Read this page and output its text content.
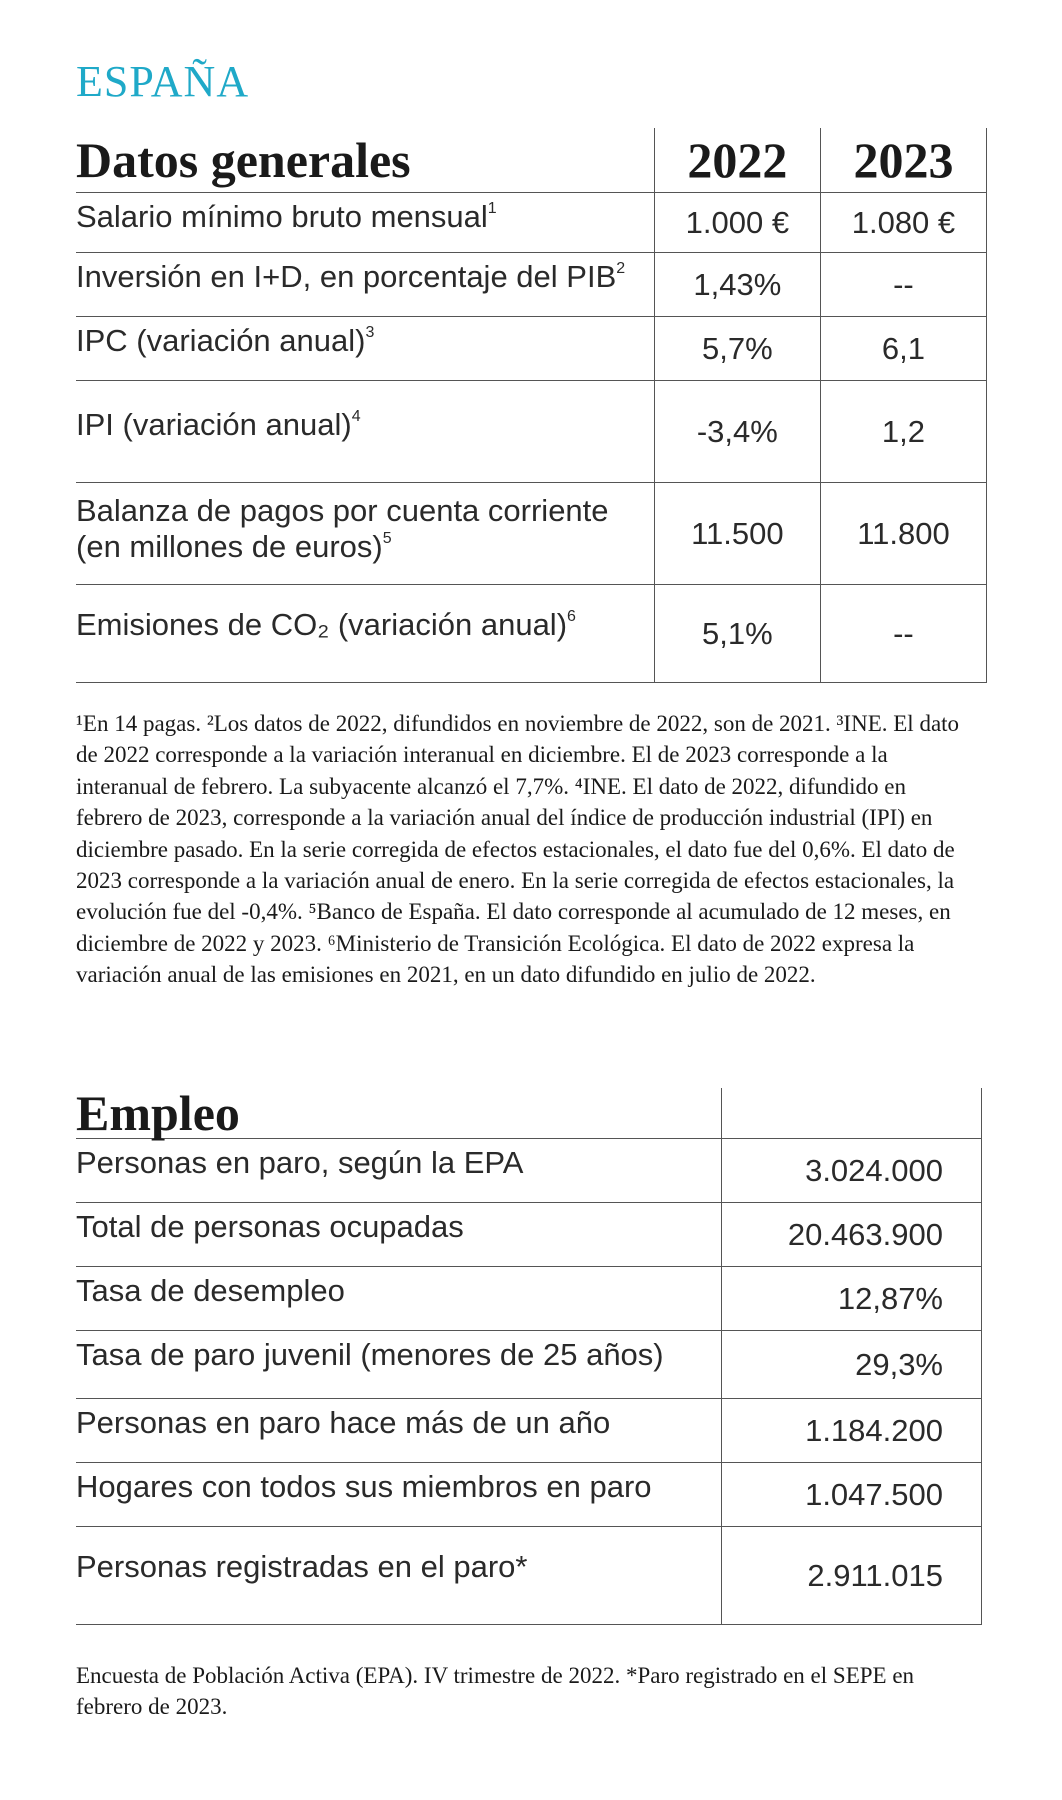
ESPAÑA
Datos generales	2022	2023
Salario mínimo bruto mensual$^1$	1.000 €	1.080 €
Inversión en I+D, en porcentaje del PIB$^2$	1,43%	--
IPC (variación anual)$^3$	5,7%	6,1
IPI (variación anual)$^4$	-3,4%	1,2
Balanza de pagos por cuenta corriente
(en millones de euros)$^5$	11.500	11.800
Emisiones de CO₂ (variación anual)$^6$	5,1%	--
¹En 14 pagas. ²Los datos de 2022, difundidos en noviembre de 2022, son de 2021. ³INE. El dato de 2022 corresponde a la variación interanual en diciembre. El de 2023 corresponde a la interanual de febrero. La subyacente alcanzó el 7,7%. ⁴INE. El dato de 2022, difundido en febrero de 2023, corresponde a la variación anual del índice de producción industrial (IPI) en diciembre pasado. En la serie corregida de efectos estacionales, el dato fue del 0,6%. El dato de 2023 corresponde a la variación anual de enero. En la serie corregida de efectos estacionales, la evolución fue del -0,4%. ⁵Banco de España. El dato corresponde al acumulado de 12 meses, en diciembre de 2022 y 2023. ⁶Ministerio de Transición Ecológica. El dato de 2022 expresa la variación anual de las emisiones en 2021, en un dato difundido en julio de 2022.
Empleo	
Personas en paro, según la EPA	3.024.000
Total de personas ocupadas	20.463.900
Tasa de desempleo	12,87%
Tasa de paro juvenil (menores de 25 años)	29,3%
Personas en paro hace más de un año	1.184.200
Hogares con todos sus miembros en paro	1.047.500
Personas registradas en el paro*	2.911.015
Encuesta de Población Activa (EPA). IV trimestre de 2022. *Paro registrado en el SEPE en febrero de 2023.
